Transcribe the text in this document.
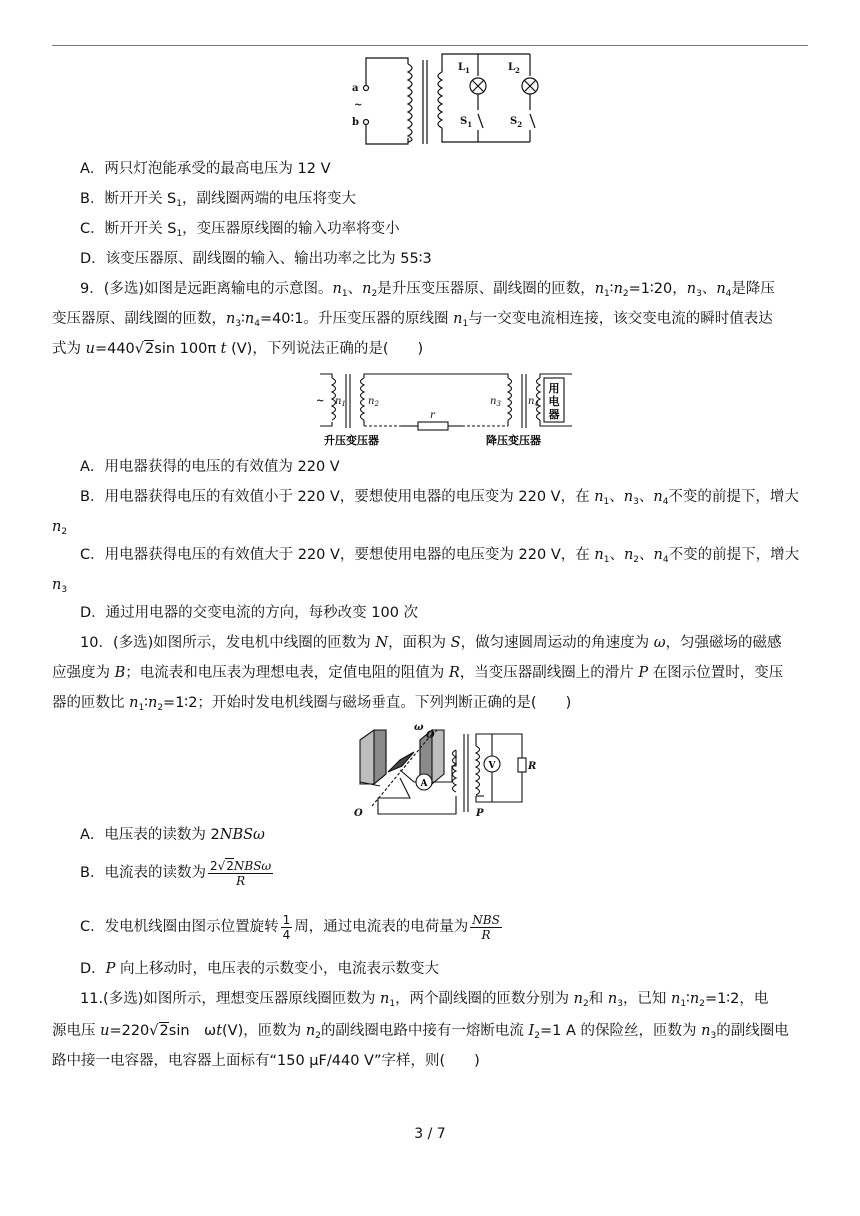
a
~
b
$L_1$	$L_2$
$S_1$	$S_2$
A．两只灯泡能承受的最高电压为 12 V
B．断开开关 $S_1$，副线圈两端的电压将变大
C．断开开关 $S_1$，变压器原线圈的输入功率将变小
D．该变压器原、副线圈的输入、输出功率之比为 55∶3
9．(多选)如图是远距离输电的示意图。$n_1$、$n_2$是升压变压器原、副线圈的匝数，$n_1∶n_2=1∶20$，$n_3$、$n_4$是降压
变压器原、副线圈的匝数，$n_3∶n_4=40∶1$。升压变压器的原线圈 $n_1$与一交变电流相连接，该交变电流的瞬时值表达
式为 u=440√2sin 100π t (V)，下列说法正确的是(　　)
~ $n_1$ $n_2$
r
$n_3$	$n_4$
用
电
器
升压变压器	降压变压器
A．用电器获得的电压的有效值为 220 V
B．用电器获得电压的有效值小于 220 V，要想使用电器的电压变为 220 V，在 $n_1$、$n_3$、$n_4$不变的前提下，增大
$n_2$
C．用电器获得电压的有效值大于 220 V，要想使用电器的电压变为 220 V，在 $n_1$、$n_2$、$n_4$不变的前提下，增大
$n_3$
D．通过用电器的交变电流的方向，每秒改变 100 次
10．(多选)如图所示，发电机中线圈的匝数为 N，面积为 S，做匀速圆周运动的角速度为 ω，匀强磁场的磁感
应强度为 B；电流表和电压表为理想电表，定值电阻的阻值为 R，当变压器副线圈上的滑片 P 在图示位置时，变压
器的匝数比 $n_1∶n_2=1∶2$；开始时发电机线圈与磁场垂直。下列判断正确的是(　　)
ω
O′
O
R
P
A
V
A．电压表的读数为 2NBSω
B．电流表的读数为 $\frac{\text{2√2NBSω}}{R}$
C．发电机线圈由图示位置旋转 $\frac{1}{4}$ 周，通过电流表的电荷量为 $\frac{\text{NBS}}{R}$
D．P 向上移动时，电压表的示数变小，电流表示数变大
11.(多选)如图所示，理想变压器原线圈匝数为 $n_1$，两个副线圈的匝数分别为 $n_2$和 $n_3$，已知 $n_1∶n_2=1∶2$，电
源电压 u=220√2sin　ωt(V)，匝数为 $n_2$的副线圈电路中接有一熔断电流 $I_2=1$ A 的保险丝，匝数为 $n_3$的副线圈电
路中接一电容器，电容器上面标有“150 μF/440 V”字样，则(　　)
3 / 7
